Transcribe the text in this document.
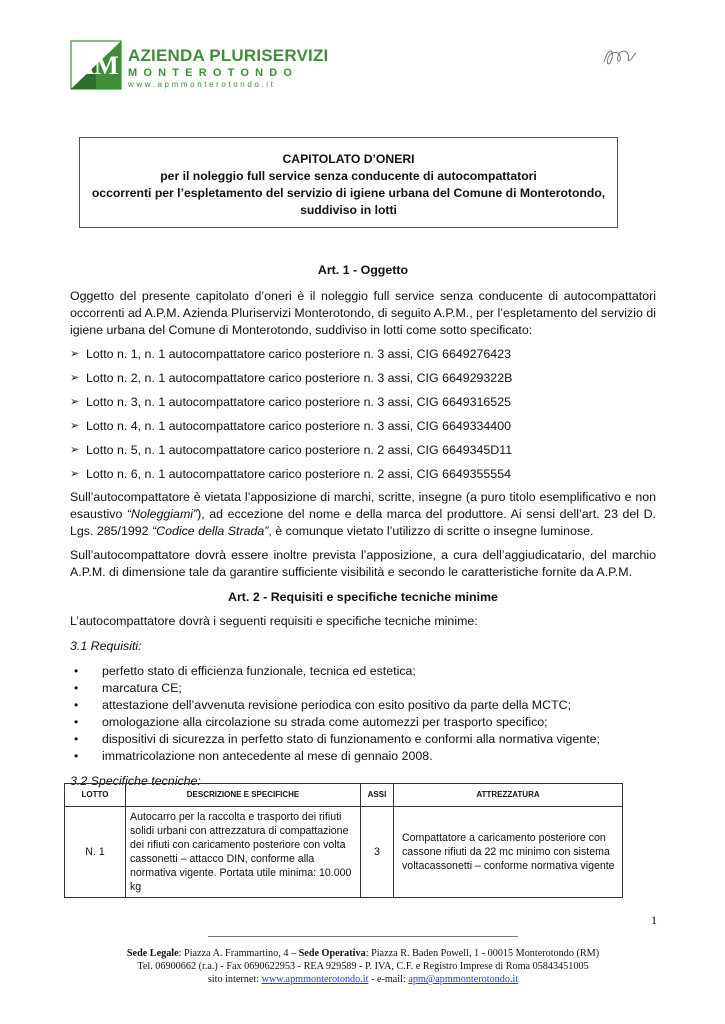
AM AZIENDA PLURISERVIZI
MONTEROTONDO
www.apmmonterotondo.it
CAPITOLATO D’ONERI
per il noleggio full service senza conducente di autocompattatori
occorrenti per l’espletamento del servizio di igiene urbana del Comune di Monterotondo,
suddiviso in lotti
Art. 1 - Oggetto
Oggetto del presente capitolato d’oneri è il noleggio full service senza conducente di autocompattatori occorrenti ad A.P.M. Azienda Pluriservizi Monterotondo, di seguito A.P.M., per l’espletamento del servizio di igiene urbana del Comune di Monterotondo, suddiviso in lotti come sotto specificato:
➢ Lotto n. 1, n. 1 autocompattatore carico posteriore n. 3 assi, CIG 6649276423
➢ Lotto n. 2, n. 1 autocompattatore carico posteriore n. 3 assi, CIG 664929322B
➢ Lotto n. 3, n. 1 autocompattatore carico posteriore n. 3 assi, CIG 6649316525
➢ Lotto n. 4, n. 1 autocompattatore carico posteriore n. 3 assi, CIG 6649334400
➢ Lotto n. 5, n. 1 autocompattatore carico posteriore n. 2 assi, CIG 6649345D11
➢ Lotto n. 6, n. 1 autocompattatore carico posteriore n. 2 assi, CIG 6649355554
Sull’autocompattatore è vietata l’apposizione di marchi, scritte, insegne (a puro titolo esemplificativo e non esaustivo “Noleggiami”), ad eccezione del nome e della marca del produttore. Ai sensi dell’art. 23 del D. Lgs. 285/1992 “Codice della Strada”, è comunque vietato l’utilizzo di scritte o insegne luminose.
Sull’autocompattatore dovrà essere inoltre prevista l’apposizione, a cura dell’aggiudicatario, del marchio A.P.M. di dimensione tale da garantire sufficiente visibilità e secondo le caratteristiche fornite da A.P.M.
Art. 2 - Requisiti e specifiche tecniche minime
L’autocompattatore dovrà i seguenti requisiti e specifiche tecniche minime:
3.1 Requisiti:
• perfetto stato di efficienza funzionale, tecnica ed estetica;
• marcatura CE;
• attestazione dell’avvenuta revisione periodica con esito positivo da parte della MCTC;
• omologazione alla circolazione su strada come automezzi per trasporto specifico;
• dispositivi di sicurezza in perfetto stato di funzionamento e conformi alla normativa vigente;
• immatricolazione non antecedente al mese di gennaio 2008.
3.2 Specifiche tecniche:
LOTTO	DESCRIZIONE E SPECIFICHE	ASSI	ATTREZZATURA
N. 1	Autocarro per la raccolta e trasporto dei rifiuti solidi urbani con attrezzatura di compattazione dei rifiuti con caricamento posteriore con volta cassonetti – attacco DIN, conforme alla normativa vigente. Portata utile minima: 10.000 kg	3	Compattatore a caricamento posteriore con cassone rifiuti da 22 mc minimo con sistema voltacassonetti – conforme normativa vigente
1
Sede Legale: Piazza A. Frammartino, 4 – Sede Operativa: Piazza R. Baden Powell, 1 - 00015 Monterotondo (RM)
Tel. 06900662 (r.a.) - Fax 0690622953 - REA 929589 - P. IVA, C.F. e Registro Imprese di Roma 05843451005
sito internet: www.apmmonterotondo.it - e-mail: apm@apmmonterotondo.it
